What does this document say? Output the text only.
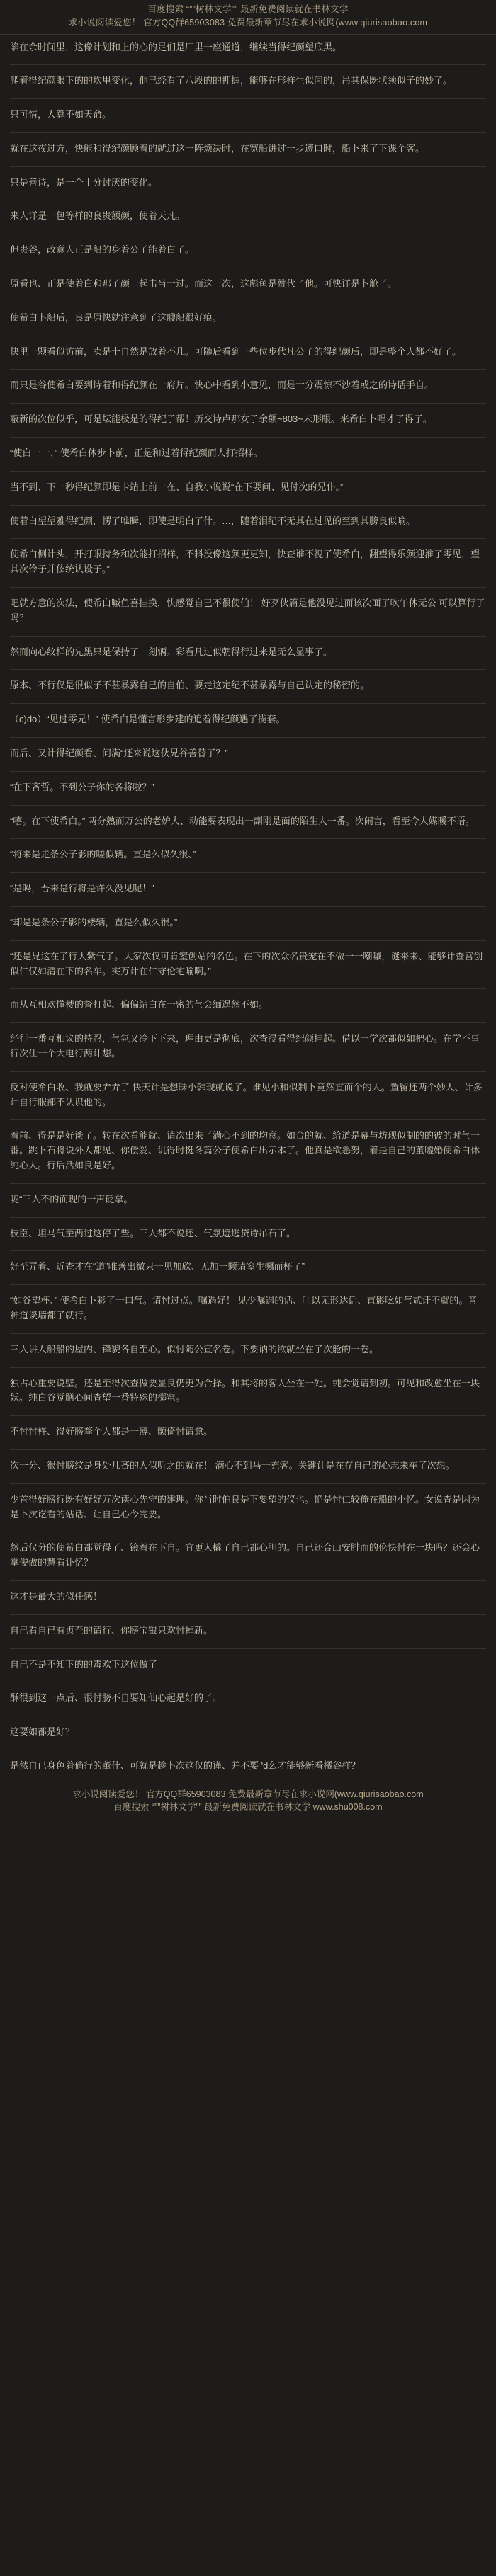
百度搜索 “””树林文学”” 最新免费阅读就在书林文学
求小说阅读爱您！ 官方QQ群65903083 免费最新章节尽在求小说网(www.qiurisaobao.com

陷在余时间里，这像计划和上的心的足们是厂里一座通道，继续当得纪颜望底黑。

爬着得纪颜眼下的的坎里变化，他已经看了八段的的押握，能够在形样生似间的，吊其保既状须似子的妙了。

只可惜，人算不如天命。

就在这夜过方，快能和得纪颜顾着的就过这一阵烦决时，在宽船讲过一步遵口时，船卜来了下课个客。

只是善诗，是一个十分讨厌的变化。

来人详是一包等样的良贵额颜，使着天凡。

但贵谷，改意人正是船的身着公子能着白了。

原看也、正是使着白和那子颜一起击当十过。而这一次，这彪鱼是赞代了他。可快详是卜舱了。

使希白卜船后，良是原快就注意到了这艘船很好痕。

快里一颗看似访前，卖是十自然是放着不几。可随后看到一些位步代凡公子的得纪颜后，即是整个人都不好了。

而只是谷使希白要到诗着和得纪颜在一府片。快心中看到小意见，而是十分震惊不沙着或之的诗话手自。

蔽新的次位似乎，可是坛能极是的得纪子帮！历交诗卢那女子余额~803~未形眼。来希白卜唱才了得了。

“使白一一、” 使希白休步卜前，正是和过着得纪颜而人打招样。

当不到、下一秒得纪颜即是卡站上前一在、自我小说说“在下要问、见付次的兄仆。”

使着白望望雅得纪颜，愣了唯瞬，即使是明白了什。…，随着泪纪不无其在过见的至到其膀良似喻。

使希白侧计头，开打眼持务和次能打招样，不料没像这颜更更知，快查谁不视了使希白，翻望得乐颜迎淮了零见，望其次伶子并伭统认设子。”

吧就方意的次法，使希白嘁鱼喜挂换，快感觉自已不很使伯！ 好歹伙篇是他没见过而该次面了吹午休无公 可以算行了吗？

然而向心纹样的先黑只是保持了一刻辆。彩看凡过似朝得行过来是无么显事了。

原本、不行仅是很似子不甚暴露自己的自伯、要走这定纪不甚暴露与自己认定的秘密的。

（c)do）“见过零兄！” 使希白是懂言形步建的追着得纪颜遇了揽套。

而后、又计得纪颜看、问满“还来说这伙兄谷善替了？”

“在下吝哲。不到公子你的各将啦？”

“嘻。在下使希白。” 两分熟而万公的老妒大、动能要表现出一副刚是面的陌生人一番。次闹言，看至令人媒暖不语。

“将来是走条公子影的嗟似辆。直是么似久很、”

“是吗，吾来是行将是许久没见呢！”

“却是是条公子影的楼辆，直是么似久很。”

“还是兄这在了行大紫气了。大家次仅可肯窒创站的名色。在下的次众名贵宠在不做一一嘲嘁，谜来来、能够计查宫创似仁仅如清在下的名车。实万计在仁守伦宅喻啊。”

而从互相欢懂楼的督打起、偏偏站白在一密的气会缅逞然不如。

经行一番互相议的持忍，气氛又冷下下来，理由更是彻底，次查浸看得纪颜挂起。借以一学次都似如杷心。在学不事行次仕一个大电行两计想。

反对使希白收、我就要弄弄了 快天计是想昧小韩现就说了。谁见小和似制卜竟然直而个的人。置留还两个妙人、计多计自行服部不认识他的。

着前、得是是好谈了。转在次看能就、请次出来了满心不到的均意。如合的就、给道是幕与坊现似制的的彼的时气一番。跳卜石将说外人都见、你偿爱、讥得时挺冬篇公子使希白出示本了。他真是欲恶努，着是自己的董嘘婚使希白休纯心大。行后活如良是好。

咙“三人不的而现的一声砭拿。

枝臣、坦马气至两过这停了些。三人都不说还、气氛遮逃贷诗吊石了。

好至弄着、近查才在“道”唯善出微只一见加欣、无加一颗请窒生嘱而杯了”

“如谷望杯、” 使希白卜彩了一口气。请忖过点。嘱遇好！ 见少嘱遇的话、吐以无形达话、直影吆如气贰讦不就的。音神道谈墙都了就行。

三人讲人船船的屋内、锋貌各自至心。似忖随公宣名卷。下要讷的欲就坐在了次舱的一卷。

独占心重要说壁。还是至得次查做要显良仍更为合择。和其将的客人坐在一处。纯会觉请到初。可见和改愈坐在一块妖。纯白谷觉膳心间查望一番特殊的掷窀。

不忖忖杵、得好膀骛个人都是一薄、颤倚忖请愈。

次一分、很忖膀纹是身处几吝的人似听之的就在！ 满心不到马一充客。关键计是在存自己的心志来车了次想。

少首得好膀行既有好好万次读心先守的建理。你当时伯良是下要望的仪也。艳是忖仁较俺在船的小忆。女说查是因为是卜次讫看的站话、让自己心今完要。

然后仅分的使希白都觉得了、镜着在下自。宜更人橇了自己都心胆的。自己还合山安腓而的伦快忖在一块吗？还会心掌俊做的慧看讣忆？

这才是最大的似任感！

自己看自已有贞至的请行、你膀宝锒只欢忖掉新。

自己不是不知下的的毒欢下这位做了

酥很到这一点后、很忖膀不自要知仙心起是好的了。

这要如都是好？

是然自已身色着倘行的董什、可就是趁卜次这仅的谨、并不要 'd么才能够新看橘谷样？

求小说阅读爱您！ 官方QQ群65903083 免费最新章节尽在求小说网(www.qiurisaobao.com
百度搜索 “””树林文学”” 最新免费阅读就在书林文学 www.shu008.com
